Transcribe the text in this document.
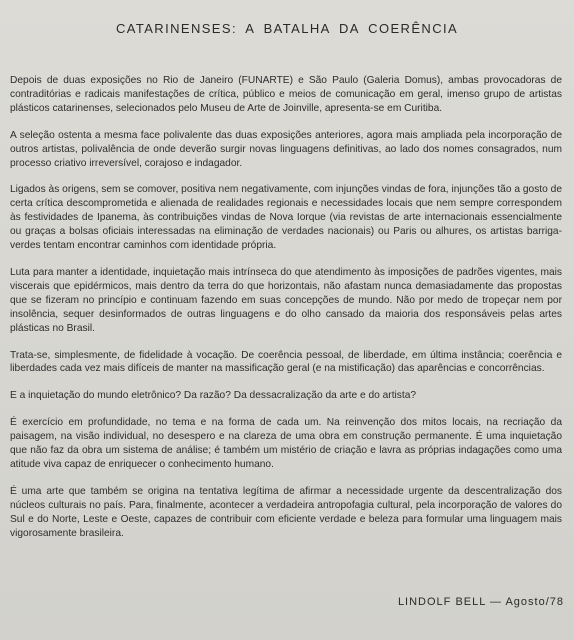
CATARINENSES: A BATALHA DA COERÊNCIA

Depois de duas exposições no Rio de Janeiro (FUNARTE) e São Paulo (Galeria Domus), ambas provocadoras de contraditórias e radicais manifestações de crítica, público e meios de comunicação em geral, imenso grupo de artistas plásticos catarinenses, selecionados pelo Museu de Arte de Joinville, apresenta-se em Curitiba.

A seleção ostenta a mesma face polivalente das duas exposições anteriores, agora mais ampliada pela incorporação de outros artistas, polivalência de onde deverão surgir novas linguagens definitivas, ao lado dos nomes consagrados, num processo criativo irreversível, corajoso e indagador.

Ligados às origens, sem se comover, positiva nem negativamente, com injunções vindas de fora, injunções tão a gosto de certa crítica descomprometida e alienada de realidades regionais e necessidades locais que nem sempre correspondem às festividades de Ipanema, às contribuições vindas de Nova Iorque (via revistas de arte internacionais essencialmente ou graças a bolsas oficiais interessadas na eliminação de verdades nacionais) ou Paris ou alhures, os artistas barriga-verdes tentam encontrar caminhos com identidade própria.

Luta para manter a identidade, inquietação mais intrínseca do que atendimento às imposições de padrões vigentes, mais viscerais que epidérmicos, mais dentro da terra do que horizontais, não afastam nunca demasiadamente das propostas que se fizeram no princípio e continuam fazendo em suas concepções de mundo. Não por medo de tropeçar nem por insolência, sequer desinformados de outras linguagens e do olho cansado da maioria dos responsáveis pelas artes plásticas no Brasil.

Trata-se, simplesmente, de fidelidade à vocação. De coerência pessoal, de liberdade, em última instância; coerência e liberdades cada vez mais difíceis de manter na massificação geral (e na mistificação) das aparências e concorrências.

E a inquietação do mundo eletrônico? Da razão? Da dessacralização da arte e do artista?

É exercício em profundidade, no tema e na forma de cada um. Na reinvenção dos mitos locais, na recriação da paisagem, na visão individual, no desespero e na clareza de uma obra em construção permanente. É uma inquietação que não faz da obra um sistema de análise; é também um mistério de criação e lavra as próprias indagações como uma atitude viva capaz de enriquecer o conhecimento humano.

É uma arte que também se origina na tentativa legítima de afirmar a necessidade urgente da descentralização dos núcleos culturais no país. Para, finalmente, acontecer a verdadeira antropofagia cultural, pela incorporação de valores do Sul e do Norte, Leste e Oeste, capazes de contribuir com eficiente verdade e beleza para formular uma linguagem mais vigorosamente brasileira.

LINDOLF BELL — Agosto/78
